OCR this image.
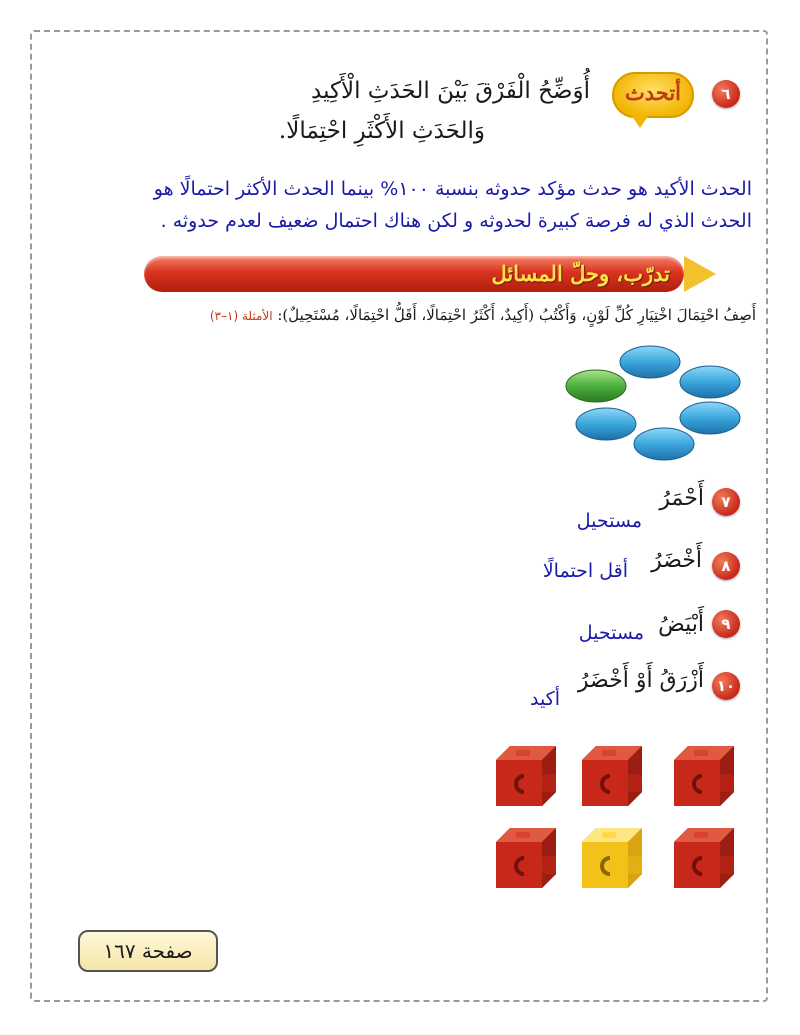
٦
أتحدث
أُوَضِّحُ الْفَرْقَ بَيْنَ الحَدَثِ الْأَكِيدِ
وَالحَدَثِ الأَكْثَرِ احْتِمَالًا.
الحدث الأكيد هو حدث مؤكد حدوثه بنسبة ١٠٠% بينما الحدث الأكثر احتمالًا هو
الحدث الذي له فرصة كبيرة لحدوثه و لكن هناك احتمال ضعيف لعدم حدوثه .
تدرّب، وحلّ المسائل
أَصِفُ احْتِمَالَ اخْتِيَارِ كُلِّ لَوْنٍ، وَأَكْتُبُ (أَكِيدٌ، أَكْثَرُ احْتِمَالًا، أَقَلُّ احْتِمَالًا، مُسْتَحِيلٌ): الأمثلة (١–٣)
٧
أَحْمَرُ
مستحيل
٨
أَخْضَرُ
أقل احتمالًا
٩
أَبْيَضُ
مستحيل
١٠
أَزْرَقُ أَوْ أَخْضَرُ
أكيد
صفحة ١٦٧
